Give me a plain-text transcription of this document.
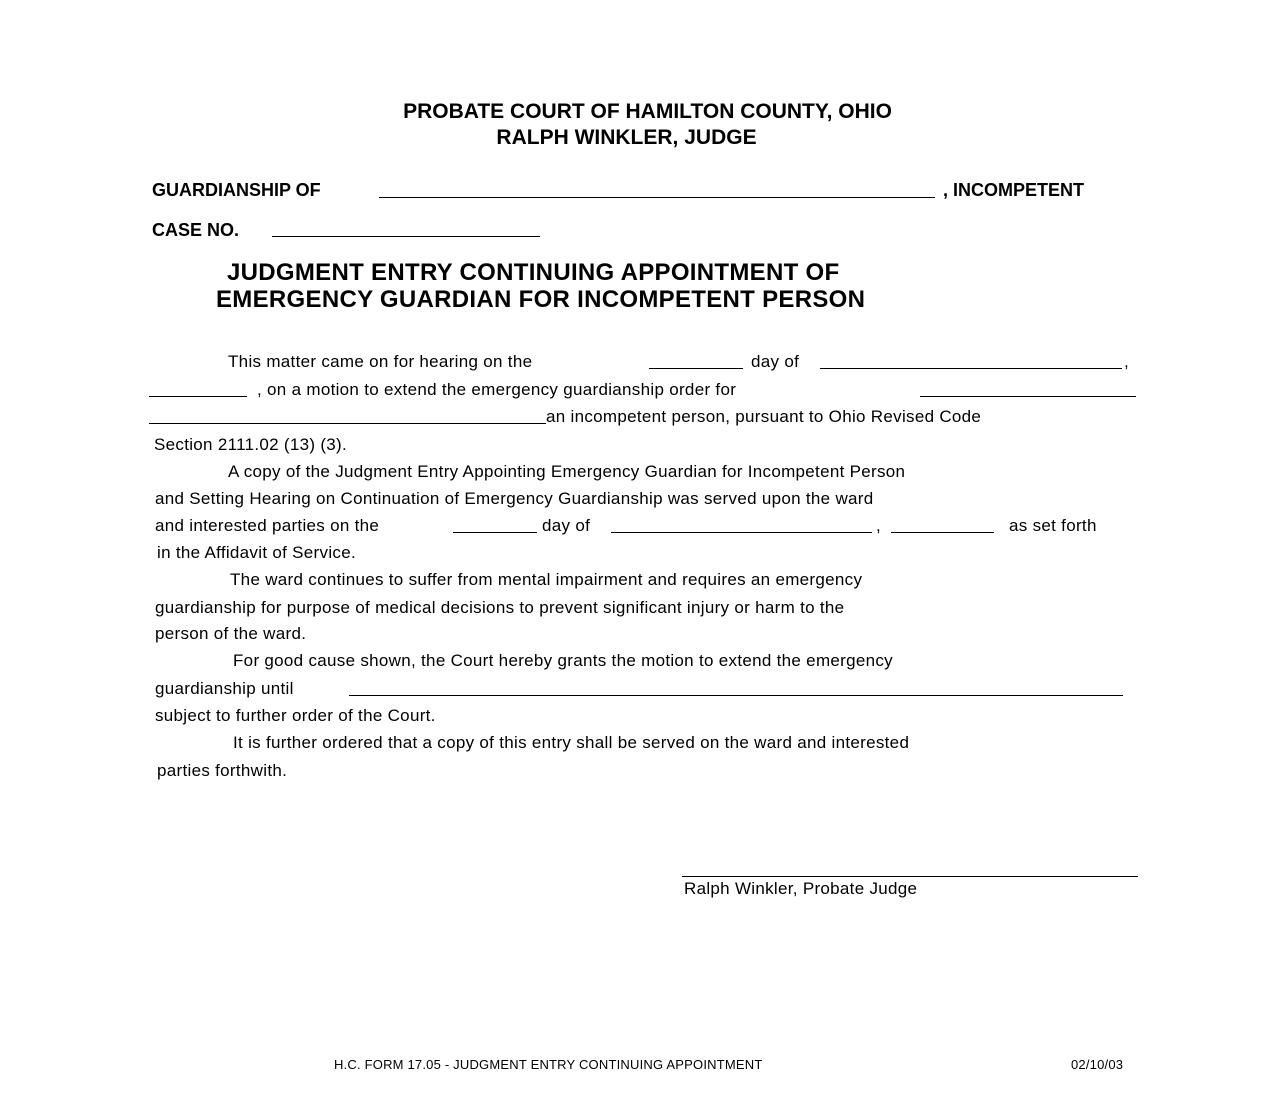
PROBATE COURT OF HAMILTON COUNTY, OHIO
RALPH WINKLER, JUDGE
GUARDIANSHIP OF	, INCOMPETENT
CASE NO.
JUDGMENT ENTRY CONTINUING APPOINTMENT OF
EMERGENCY GUARDIAN FOR INCOMPETENT PERSON
This matter came on for hearing on the	day of	,
, on a motion to extend the emergency guardianship order for
an incompetent person, pursuant to Ohio Revised Code
Section 2111.02 (13) (3).
A copy of the Judgment Entry Appointing Emergency Guardian for Incompetent Person
and Setting Hearing on Continuation of Emergency Guardianship was served upon the ward
and interested parties on the	day of	,	as set forth
in the Affidavit of Service.
The ward continues to suffer from mental impairment and requires an emergency
guardianship for purpose of medical decisions to prevent significant injury or harm to the
person of the ward.
For good cause shown, the Court hereby grants the motion to extend the emergency
guardianship until
subject to further order of the Court.
It is further ordered that a copy of this entry shall be served on the ward and interested
parties forthwith.
Ralph Winkler, Probate Judge
H.C. FORM 17.05 - JUDGMENT ENTRY CONTINUING APPOINTMENT	02/10/03
